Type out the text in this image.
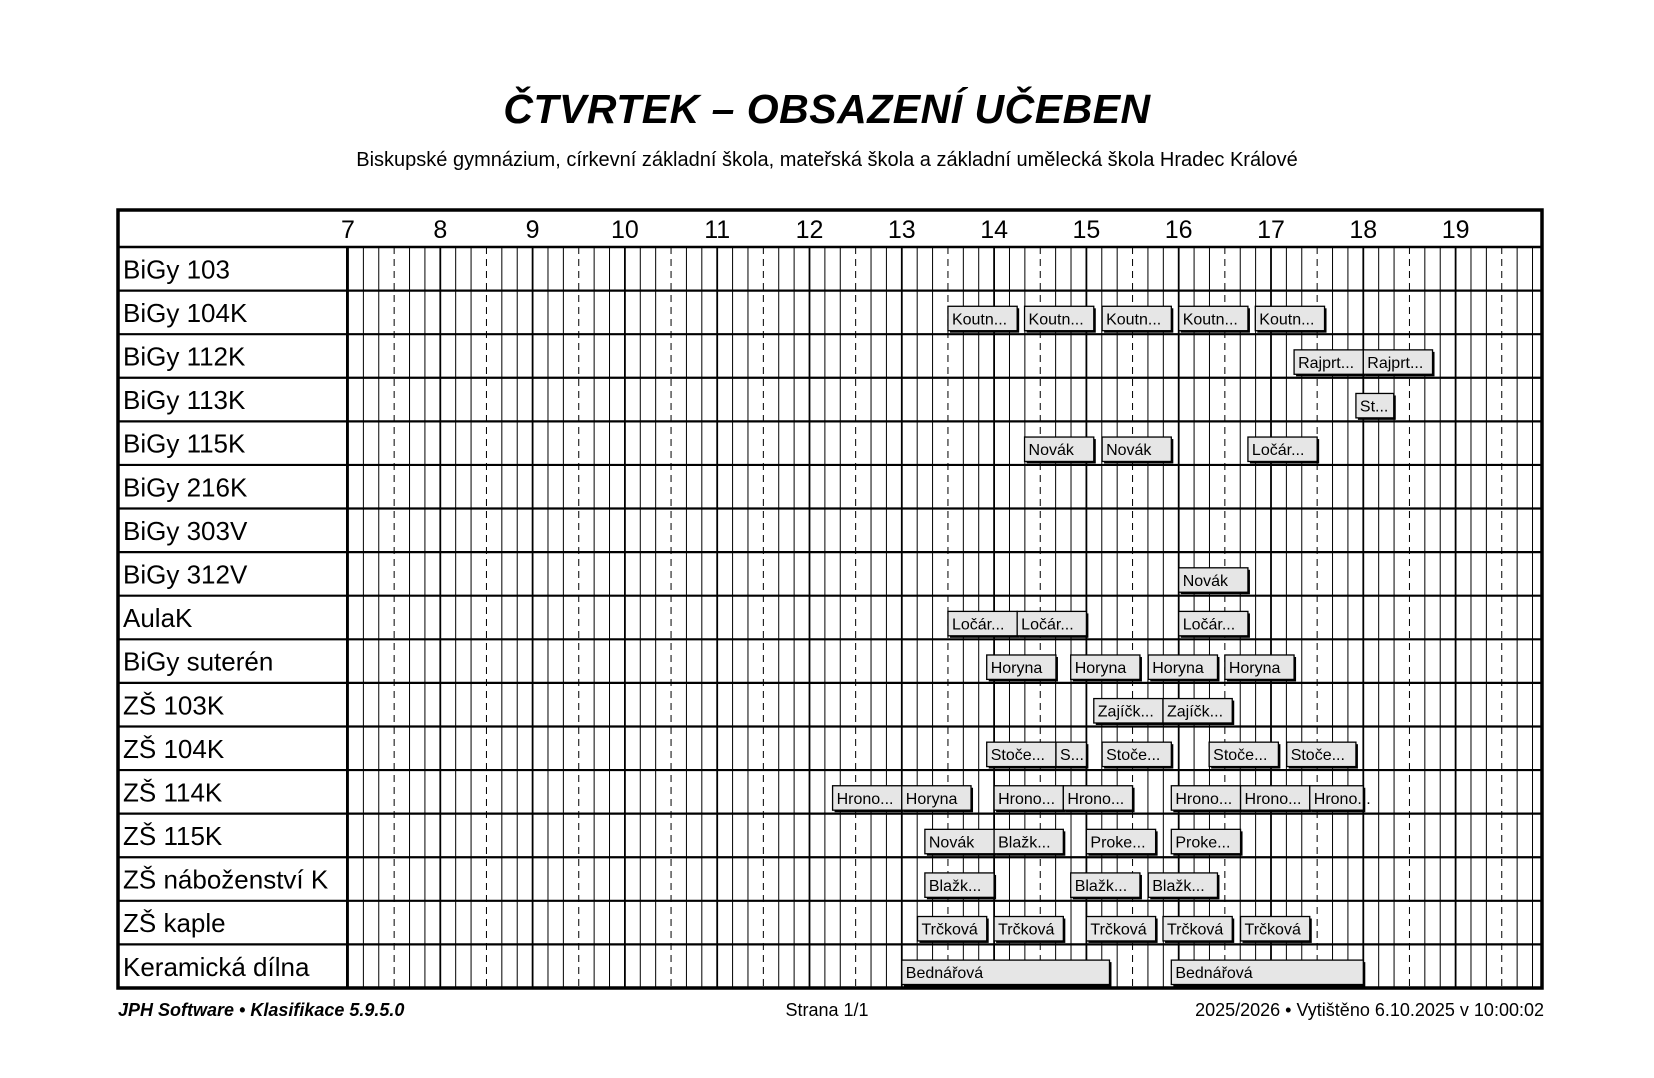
ČTVRTEK – OBSAZENÍ UČEBEN
Biskupské gymnázium, církevní základní škola, mateřská škola a základní umělecká škola Hradec Králové
7	8	9	10	11	12	13	14	15	16	17	18	19
BiGy 103
BiGy 104K	Koutn... Koutn... Koutn... Koutn... Koutn...
BiGy 112K	Rajprt... Rajprt...
BiGy 113K	St...
BiGy 115K	Novák Novák	Ločár...
BiGy 216K
BiGy 303V
BiGy 312V	Novák
AulaK	Ločár... Ločár...	Ločár...
BiGy suterén	Horyna Horyna Horyna Horyna
ZŠ 103K	Zajíčk... Zajíčk...
ZŠ 104K	Stoče... S... Stoče...	Stoče... Stoče...
ZŠ 114K	Hrono... Horyna	Hrono... Hrono...	Hrono... Hrono... Hrono...
ZŠ 115K	Novák Blažk... Proke... Proke...
ZŠ náboženství K	Blažk...	Blažk... Blažk...
ZŠ kaple	Trčková Trčková Trčková Trčková Trčková
Keramická dílna	Bednářová	Bednářová
JPH Software • Klasifikace 5.9.5.0	Strana 1/1	2025/2026 • Vytištěno 6.10.2025 v 10:00:02
